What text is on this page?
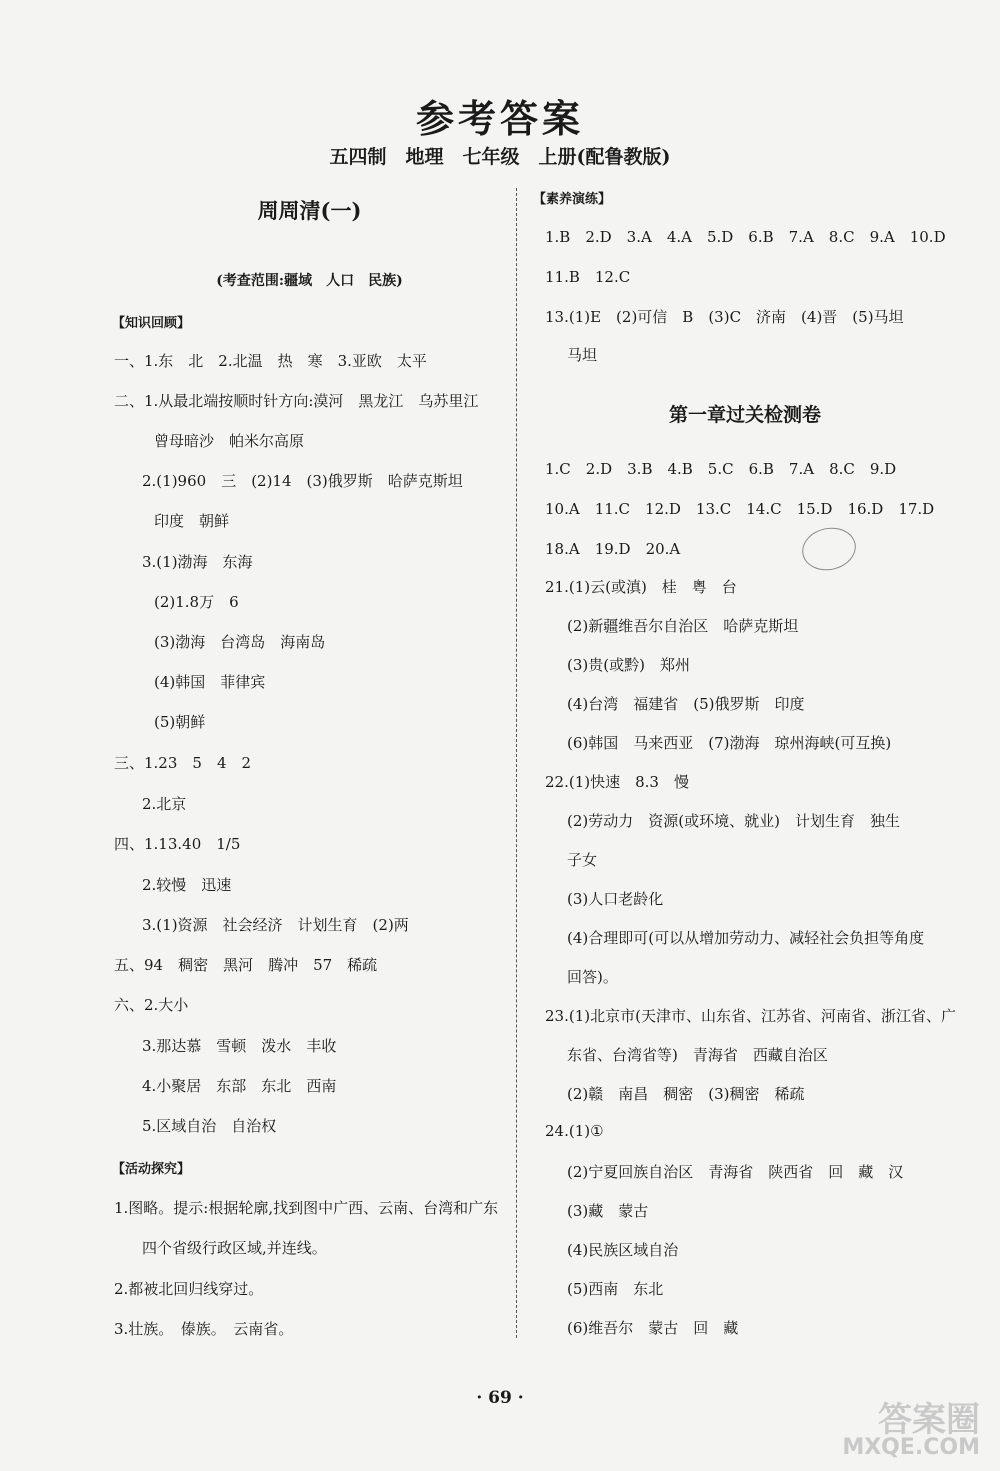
参考答案
五四制　地理　七年级　上册(配鲁教版)
周周清(一)
(考查范围:疆域　人口　民族)
【知识回顾】
一、1.东　北　2.北温　热　寒　3.亚欧　太平
二、1.从最北端按顺时针方向:漠河　黑龙江　乌苏里江
曾母暗沙　帕米尔高原
2.(1)960　三　(2)14　(3)俄罗斯　哈萨克斯坦
印度　朝鲜
3.(1)渤海　东海
(2)1.8万　6
(3)渤海　台湾岛　海南岛
(4)韩国　菲律宾
(5)朝鲜
三、1.23　5　4　2
2.北京
四、1.13.40　1/5
2.较慢　迅速
3.(1)资源　社会经济　计划生育　(2)两
五、94　稠密　黑河　腾冲　57　稀疏
六、2.大小
3.那达慕　雪顿　泼水　丰收
4.小聚居　东部　东北　西南
5.区域自治　自治权
【活动探究】
1.图略。提示:根据轮廓,找到图中广西、云南、台湾和广东
四个省级行政区域,并连线。
2.都被北回归线穿过。
3.壮族。　傣族。　云南省。
【素养演练】
1.B　2.D　3.A　4.A　5.D　6.B　7.A　8.C　9.A　10.D
11.B　12.C
13.(1)E　(2)可信　B　(3)C　济南　(4)晋　(5)马坦
马坦
第一章过关检测卷
1.C　2.D　3.B　4.B　5.C　6.B　7.A　8.C　9.D
10.A　11.C　12.D　13.C　14.C　15.D　16.D　17.D
18.A　19.D　20.A
21.(1)云(或滇)　桂　粤　台
(2)新疆维吾尔自治区　哈萨克斯坦
(3)贵(或黔)　郑州
(4)台湾　福建省　(5)俄罗斯　印度
(6)韩国　马来西亚　(7)渤海　琼州海峡(可互换)
22.(1)快速　8.3　慢
(2)劳动力　资源(或环境、就业)　计划生育　独生
子女
(3)人口老龄化
(4)合理即可(可以从增加劳动力、减轻社会负担等角度
回答)。
23.(1)北京市(天津市、山东省、江苏省、河南省、浙江省、广
东省、台湾省等)　青海省　西藏自治区
(2)赣　南昌　稠密　(3)稠密　稀疏
24.(1)①
(2)宁夏回族自治区　青海省　陕西省　回　藏　汉
(3)藏　蒙古
(4)民族区域自治
(5)西南　东北
(6)维吾尔　蒙古　回　藏
· 69 ·
答案圈
MXQE.COM
